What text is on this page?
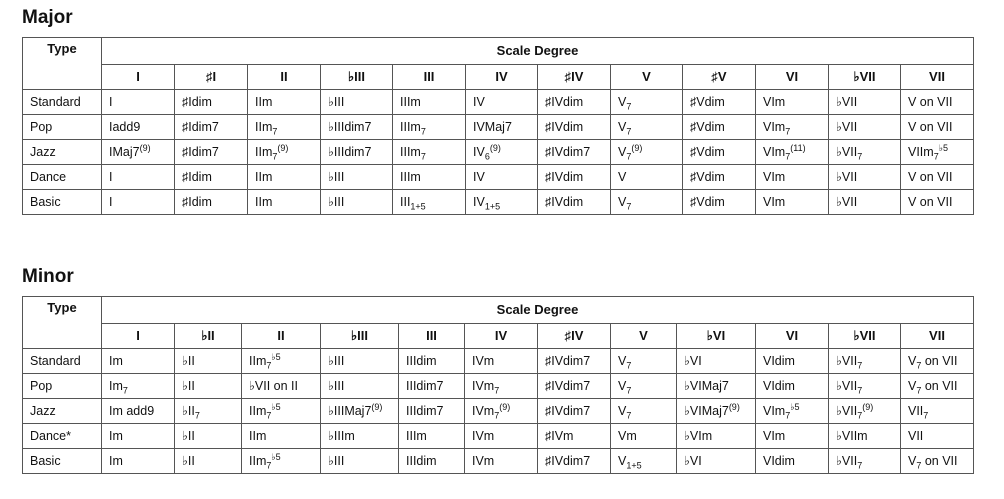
Major
Type	Scale Degree											
	I	♯I	II	♭III	III	IV	♯IV	V	♯V	VI	♭VII	VII
Standard	I	♯Idim	IIm	♭III	IIIm	IV	♯IVdim	$V_7$	♯Vdim	VIm	♭VII	V on VII
Pop	Iadd9	♯Idim7	IIm$_7$	♭IIIdim7	IIIm$_7$	IVMaj7	♯IVdim	$V_7$	♯Vdim	VIm$_7$	♭VII	V on VII
Jazz	IMaj7$^{(9)}$	♯Idim7	IIm$_7^{(9)}$	♭IIIdim7	IIIm$_7$	$IV_6^{(9)}$	♯IVdim7	$V_7^{(9)}$	♯Vdim	VIm$_7^{(11)}$	$♭VII_7$	VIIm$_7^{♭5}$
Dance	I	♯Idim	IIm	♭III	IIIm	IV	♯IVdim	V	♯Vdim	VIm	♭VII	V on VII
Basic	I	♯Idim	IIm	♭III	$III_{1+5}$	$IV_{1+5}$	♯IVdim	$V_7$	♯Vdim	VIm	♭VII	V on VII
Minor
Type	Scale Degree											
	I	♭II	II	♭III	III	IV	♯IV	V	♭VI	VI	♭VII	VII
Standard	Im	♭II	IIm$_7^{♭5}$	♭III	IIIdim	IVm	♯IVdim7	$V_7$	♭VI	VIdim	$♭VII_7$	$V_7$ on VII
Pop	$Im_7$	♭II	♭VII on II	♭III	IIIdim7	IVm$_7$	♯IVdim7	$V_7$	♭VIMaj7	VIdim	$♭VII_7$	$V_7$ on VII
Jazz	Im add9	$♭II_7$	IIm$_7^{♭5}$	♭IIIMaj7$^{(9)}$	IIIdim7	IVm$_7^{(9)}$	♯IVdim7	$V_7$	♭VIMaj7$^{(9)}$	VIm$_7^{♭5}$	$♭VII_7^{(9)}$	$VII_7$
Dance*	Im	♭II	IIm	♭IIIm	IIIm	IVm	♯IVm	Vm	♭VIm	VIm	♭VIIm	VII
Basic	Im	♭II	IIm$_7^{♭5}$	♭III	IIIdim	IVm	♯IVdim7	$V_{1+5}$	♭VI	VIdim	$♭VII_7$	$V_7$ on VII
